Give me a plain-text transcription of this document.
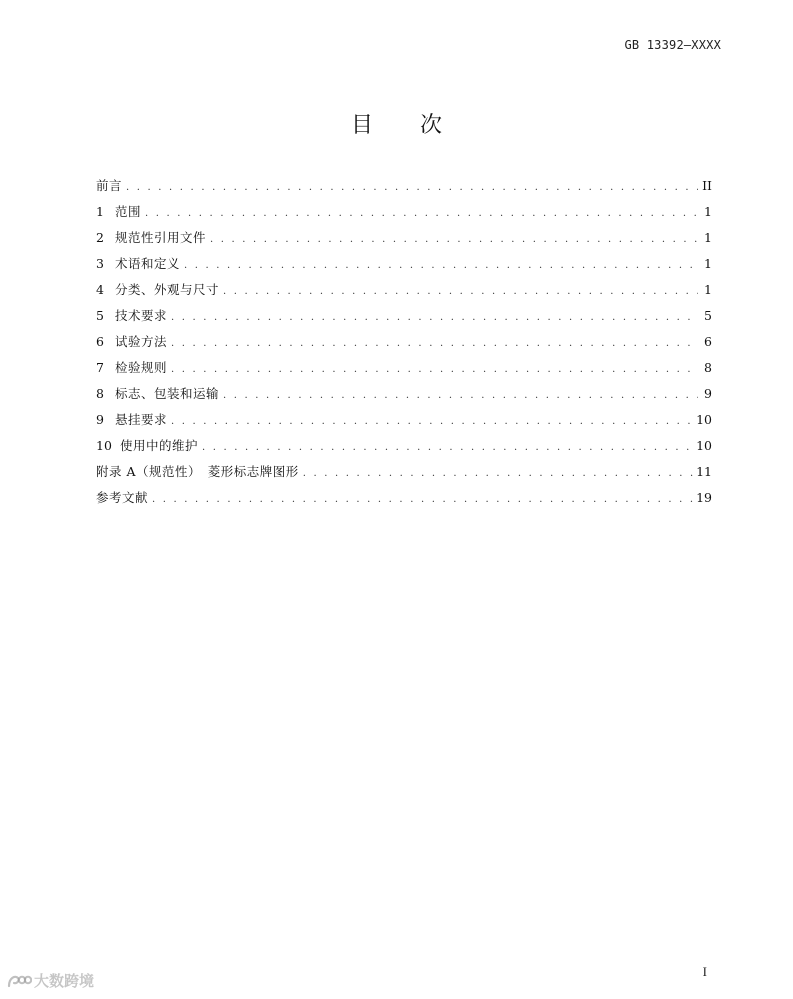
GB 13392—XXXX
目 次
前言 . . .	II
1 范围 . . .	1
2 规范性引用文件 . . .	1
3 术语和定义 . . .	1
4 分类、外观与尺寸 . . .	1
5 技术要求 . . .	5
6 试验方法 . . .	6
7 检验规则 . . .	8
8 标志、包装和运输 . . .	9
9 悬挂要求 . . .	10
10 使用中的维护 . . .	10
附录 A（规范性）　菱形标志牌图形 . . .	11
参考文献 . . .	19
I
大数跨境
